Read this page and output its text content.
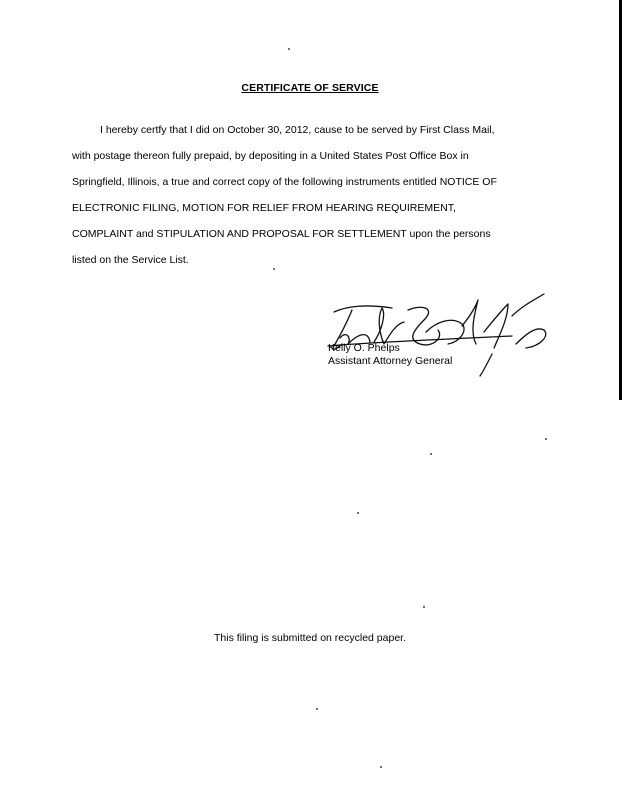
CERTIFICATE OF SERVICE
I hereby certfy that I did on October 30, 2012, cause to be served by First Class Mail,
with postage thereon fully prepaid, by depositing in a United States Post Office Box in
Springfield, Illinois, a true and correct copy of the following instruments entitled NOTICE OF
ELECTRONIC FILING, MOTION FOR RELIEF FROM HEARING REQUIREMENT,
COMPLAINT and STIPULATION AND PROPOSAL FOR SETTLEMENT upon the persons
listed on the Service List.
Kelly O. Phelps
Assistant Attorney General
This filing is submitted on recycled paper.
